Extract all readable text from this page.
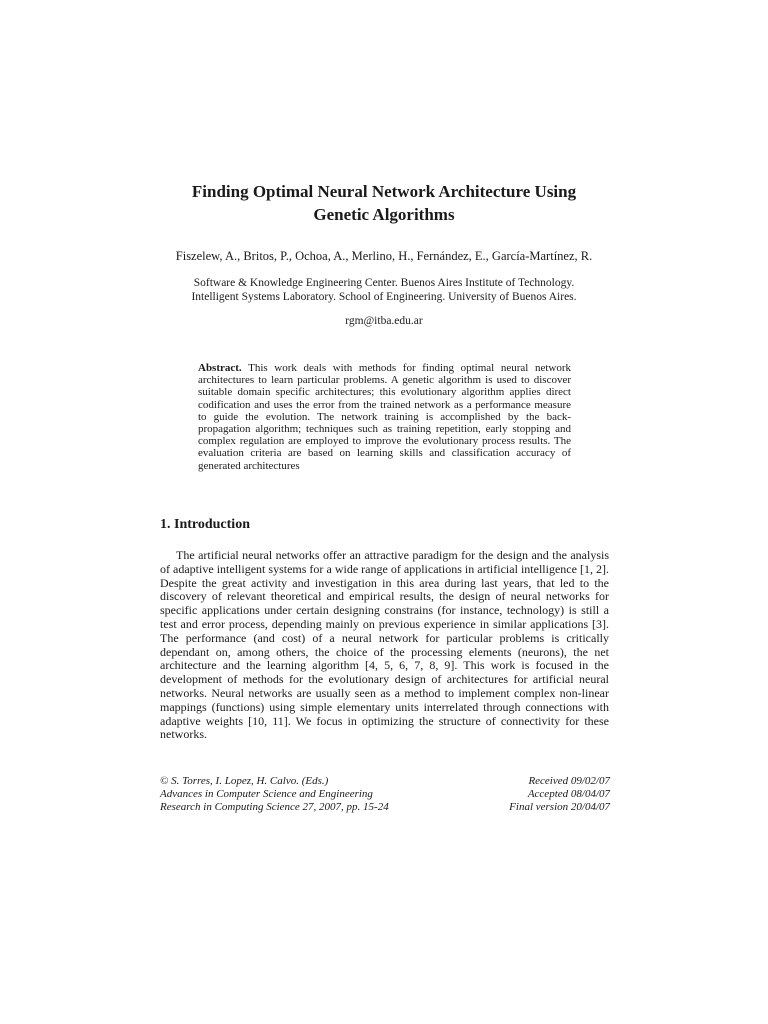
Finding Optimal Neural Network Architecture Using
Genetic Algorithms
Fiszelew, A., Britos, P., Ochoa, A., Merlino, H., Fernández, E., García-Martínez, R.
Software & Knowledge Engineering Center. Buenos Aires Institute of Technology.
Intelligent Systems Laboratory. School of Engineering. University of Buenos Aires.
rgm@itba.edu.ar
Abstract. This work deals with methods for finding optimal neural network architectures to learn particular problems. A genetic algorithm is used to discover suitable domain specific architectures; this evolutionary algorithm applies direct codification and uses the error from the trained network as a performance measure to guide the evolution. The network training is accomplished by the back-propagation algorithm; techniques such as training repetition, early stopping and complex regulation are employed to improve the evolutionary process results. The evaluation criteria are based on learning skills and classification accuracy of generated architectures
1. Introduction
The artificial neural networks offer an attractive paradigm for the design and the analysis of adaptive intelligent systems for a wide range of applications in artificial intelligence [1, 2]. Despite the great activity and investigation in this area during last years, that led to the discovery of relevant theoretical and empirical results, the design of neural networks for specific applications under certain designing constrains (for instance, technology) is still a test and error process, depending mainly on previous experience in similar applications [3]. The performance (and cost) of a neural network for particular problems is critically dependant on, among others, the choice of the processing elements (neurons), the net architecture and the learning algorithm [4, 5, 6, 7, 8, 9]. This work is focused in the development of methods for the evolutionary design of architectures for artificial neural networks. Neural networks are usually seen as a method to implement complex non-linear mappings (functions) using simple elementary units interrelated through connections with adaptive weights [10, 11]. We focus in optimizing the structure of connectivity for these networks.
© S. Torres, I. Lopez, H. Calvo. (Eds.)
Advances in Computer Science and Engineering
Research in Computing Science 27, 2007, pp. 15-24
Received 09/02/07
Accepted 08/04/07
Final version 20/04/07
